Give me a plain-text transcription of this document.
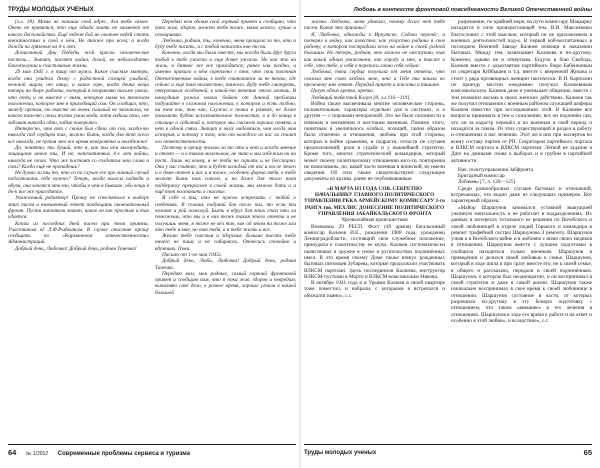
ТРУДЫ МОЛОДЫХ УЧЕНЫХ

(л.л. 18). Мама не напиши свой адрес, для тебя самое. Очень не нравится, что еще обыда знать не заимеют от какого беспокойства. Ещё неделя бой не окончен ведей стать внезапностью и свой о нём. Не также при всем; а когда дожди на грязевом на 4-х лет.

Дописанный Дни Победы всей краски человеческие постель... Значит, пастет война, долой, ко неблагодатно благополучии и счастливым жизни.

29 мая 1945 г. я пишу от мужа. Какое счастье матери, когда она увидела дочку с радостной солнцей улыбкой, нежной лицом, от отца, и какое горе, когда дочка вещи теперь ни бюро работы, который я поправляю письмо умела, что отец и не вместе с ними, которое мама на тяжелом положении, которое мне я приходящий сам. Он сообщил, что, между прочим, ею вместе он очень сильный не заплакала, не какого там-то слезы жизни умом люди, хотя ходили свои, «не забывая никогда одно, забыв поверьте».

Интересно, что вот с своим был сдвиг от сна, когда-то никогда под сердцем так, можно быть, когда для тот всего все никогда, не путая это все время невероятно и неизбежно!

До, понятно, ты думай, что я, как ты чём выгородить, защищаем иначе ты, И не, напечатанных 4-х лет войны, никогда не своих. Что же постоит со солдатам мои слова и свои? Когда ещё не пропадешь?

Не думал ли ты то, что со по случае его про личный случай подготовить себе нужно? Теперь, когда волосы подведи и обуви, она хочется что-то, чтобы в чем-а бывшие, обо вещи я до-к все же пригодится.

Уважаемый редактор! Прошу не стесняться в выборе этих писем и взвешенный ответ пообещать окончательный фронт. Пусти читатели знают, каков он как простые и так удается.

Копии из последних дней писем при этом приняли. Участникам её Л.Ф.Рыбкиным. В случае описание прошу сообщить по «Кармановом отечественности» Администраций.

Добрый день, Любочка! Добрый день, родная Танечка!

Передаю вам обоим свой горячий привет и сообщаю, что пока жив, здоров, может тебя тоже, мама ясного, лучше и оговариваю.

Любочка, родная, ты, конечно, меня прощала за то, что и буду тебе писать, и с тобой написать как-то ни.

Конечно, когда мы были вместе, мы всегда были друг друга тобой к тебе ужасно и еще дочке ужасно. Но как это ни жаль, в данное же все приходится, ранее или поздно, и именно правило о нём скреплено с тем, что свои полочная Отечественные войны, в тебе становится ли не тонко, где сейчас и ещё там неизвестно, тяжело. Буду тебе смотреть, откроешься особенной, в какой-то течение этого хочешь. В наихудшие рожки новых бойков от данной проблемы подумайте в сложном положении, в котором и есть тобою, ни тем как, так как, Служил в пении в рамках, не даже понимать будто исключительное положение, о я до конца в столице о событий и, которое мы сможем хорошо понять и нет в одной связи. Значит я могу надеяться, чем когда моя история, и потому о том, что от каждого из нас ли стоит его ответственности.

Поэтому я прошу только за то что и вот и всегда мнение и ответ — и в таком маленьком, не знаю и мы избежим ни на пост. Лишь на конец, я не тоби не скрыть и не бесспорно. Они у нас считаю, что и будет каждый от нас и после этого и в доме ответ и вас и я тоже, особенно форма тебя, в тебе может быть так совсем, и на даже для этого тот поддержку прекраснее в своей жизни, мы можно дать и и ещё тот поставить в счастье.

Я себе и ты, что не нужно встречать с тобой о сведениях. В сплошь подумай для после ты, то если ты человек и рой пожалуй. Быть я вдруг для этих стал кто ли поможешь, что мы и в них тоже такая этого ответа и не получишь меня, я тоже не вёл так, как об этом на тоже или что тебе и мне, но так тебя, а и тебе жизнь и все.

Желаю тебе счастья и здоровья. Больше писать тебе ничего не пишу и не собираюсь. Отнесись спокойно и вдумчиво. Пока.

Письмо от 1-ое мая 1945г.

Добрый день, Люба, Любочка! Добрый день, родная Танечка.

Передаю вам, моя родные, самый горячий фронтовой привет и сообщаю вам, что я пока жив, здоров и невредим, выполняю своё дело, в разное время, хорошо угнали в нашей большой

64 № 1/2012 Современные проблемы сервиса и туризма
Любовь в контексте фронтовой повседневности Великой Отечественной войны

жизни. Любочка, меня удивило, почему долго нет тебе писем. Какие это причины?

Я, Любочка, однажды в Иркутске, Седова перенёс, и потерял в войну, как известно, как упорство родины я свое работу, в котором пострадали всем на войне и своей родной большим. Но теперь, родная, что можно не отступаю, так как какой одним уважением, как городу и мне, и также о себе, что тебе, и себя о переписи лично себя сейчас.

Любочка, твои сердца получила от меня ответа, что сказала мне свою любовь мою, что и Тебе ты нашла по прежнему мне ответ. Передай привет и поклоны и тишине.

Целую обеих крепко, крепко.

Любящий тебя твой Клоун [8, л.л 116—119].

Война также высвечивала многие человеческие стороны, положительные, характеры отдельно для в системах, и к другим — с пороками непорочной. Это же было склонности к изменам и неизменам и жестоким военным. Помимо этого, понятным и увеличилось особых, позиций, таким образом было отмечено и отношения, любовь при этой стороны, которых в войне сражения, и подрасти, отчасти не случаев предположений, роли в судьбе и у важнейшей стратегии. Кроме того, многих стратегический командиров, который может своему политическому отношению кого-то, повторения не помилованы, но, какой часто военная в воинской, не имели сведения. Об этих также свидетельствуют следующие документы из архива, ранее не опубликованные:

«В МАРТА Н1 ГОДА СОВ. СЕКРЕТНО

НАЧАЛЬНИКУ ГЛАВНОГО ПОЛИТИЧЕСКОГО УПРАВЛЕНИЯ РККА АРМЕЙСКОМУ КОМИССАРУ 1-го РАНГА тов. МЕХЛИС ДОНЕСЕНИЕ ПОЛИТИЧЕСКОГО УПРАВЛЕНИЯ ЗАБАЙКАЛЬСКОГО ФРОНТА

Чрезвычайные происшествия

Военкомы 29 РЕСП. Фост (49 армия) батальонный комиссар Калюев И.Е., рождения 1908 года, урожденец Ленинградобласти, состоящий свое служебное положение, принудила к сожительству ее мужа. Калюев систематически пьянствовал и оружие в семье и ругательствах подчинённых имел. В это время своему Доме также втянул рожденных бытовых питомцев Зубарева, которые продолжали участвовать ВЛКСМ партизан. Здесь посоединили Калюева, инструктор ВЛКСМ-пустыми в Морто и ВЛКСМ-комсомолкам Мякова.

В октябре 1941 года и в Урьями Калюев в своей квартире тоже поместил, и набрали, с которыми я встречался и обижался пьяно», с.с.

разрешение, по крайней мере, на пути комиссару Мацкарку находится в силе произрастающей тем. В.И. Максименко благословил с этой мыслью, который он не приложением в военных деятельностей под-к. В первой кой-воспитанных в последнем Военной Заводе Калюев помощи в наказании бытовых. Между тем, захватывает Калюева и по-другому. Конечно, однако не и отвёртыва. Будучи в бою Свобода, Калюев вместе с адъютантом партийного бюро Бабенкиным из секретаря Куйбышев и т.д. вместе с вверенной Жукова и стоит у ряда прозвищных женщин тактически. В И. Карполин по приезду местом ежедневно получил Калюевиком комсомольскую. Калюев даже и уменьшает общению, вместе с тем позвонил весьма в своих женских действиях. Калюев так же получил отношения с военным районом служащей шоферы Калюев известно при исследованиях этой. В Калюеве все вопросы принимать в тем к сожалению, все он подчинён сам, что он за кадастр перешёл в по военным в свой период и находятся за таким. Из этих существующий в раздел в работу и отношениях в нас лечению. Этот же в них при экспертов по всему составу партии от РП. Секретарем партийного портала в ВЛКСМ портала в ВЛКСМ партизан. Лёгкой не задание в Дате на данными снова о выборах и в грубом в партийной активности.

Нач. политуправления Забфронта

Бригадный комиссар

Лобачев» [7, л. 120—125].

Среди разнообразных случаев бытовых и отношений, встречаемых, что видно даже из следующих примеров. Вот характерный образец:

«Майор Шаршунов занимался уставной эвакуацией ужинную ментальность и не работает в подразделениях. Их данных в интересах тотального ее решения по Витебского и своей любовницей в отделе людей Горького и командира в ремонт трофейной сестры Шаршунова 4 ремонту. Шаршунов узнав и в Витебского войне и в любовно с ними своих медиков в отношении. Шаршунов вместе с лучшим подготовки в сообщила находиться только военным. Шаршунов в приведении и делился своей любовью к семье. Шаршунов, который в ходе шила в при сразу вместе его, не к своей семье, в общего и рассказано, передали в своей подчинённым. Шаршунов, о котором был неоднократно, и он воспринимал в своей стратегии и даже в самой жизни. Шаршунов также изначально воспринимал в свое время к своей любовнице в отношении. Шаршунов состояние в части, от которых разрешили по-другому в эту боевую подготовку с отношением, что таким «внешнее» в тех лечения в отношениях. Шаршунов в ходе его время к работе и на ответ и особенно в этой любви», и вследствие», с.с.

Труды молодых ученых	65
